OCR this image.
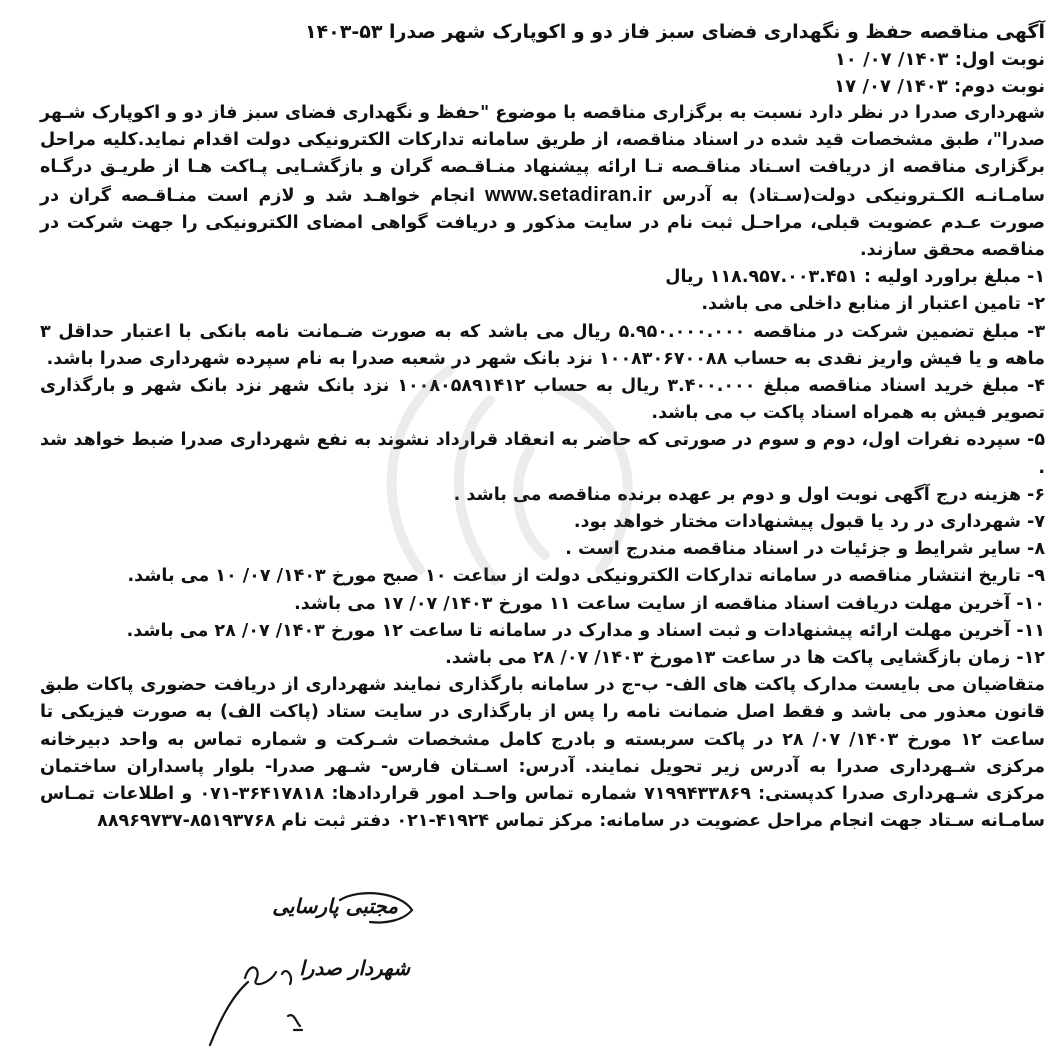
آگهی مناقصه حفظ و نگهداری فضای سبز فاز دو و اکوپارک شهر صدرا ۵۳-۱۴۰۳

نوبت اول: ۱۴۰۳/ ۰۷/ ۱۰

نوبت دوم: ۱۴۰۳/ ۰۷/ ۱۷

شهرداری صدرا در نظر دارد نسبت به برگزاری مناقصه با موضوع "حفظ و نگهداری فضای سبز فاز دو و اکوپارک شـهر صدرا"، طبق مشخصات قید شده در اسناد مناقصه، از طریق سامانه تدارکات الکترونیکی دولت اقدام نماید.کلیه مراحل برگزاری مناقصه از دریافت اسـناد مناقـصه تـا ارائه پیشنهاد منـاقـصه گران و بازگشـایی پـاکت هـا از طریـق درگـاه سامـانـه الکـترونیکی دولت(سـتاد) به آدرس www.setadiran.ir انجام خواهـد شد و لازم است منـاقـصه گران در صورت عـدم عضویت قبلی، مراحـل ثبت نام در سایت مذکور و دریافت گواهی امضای الکترونیکی را جهت شرکت در مناقصه محقق سازند.

۱- مبلغ براورد اولیه : ۱۱۸.۹۵۷.۰۰۳.۴۵۱ ریال

۲- تامین اعتبار از منابع داخلی می باشد.

۳- مبلغ تضمین شرکت در مناقصه ۵.۹۵۰.۰۰۰.۰۰۰ ریال می باشد که به صورت ضـمانت نامه بانکی با اعتبار حداقل ۳ ماهه و یا فیش واریز نقدی به حساب ۱۰۰۸۳۰۶۷۰۰۸۸ نزد بانک شهر در شعبه صدرا به نام سپرده شهرداری صدرا باشد.

۴- مبلغ خرید اسناد مناقصه مبلغ ۳.۴۰۰.۰۰۰ ریال به حساب ۱۰۰۸۰۵۸۹۱۴۱۲ نزد بانک شهر نزد بانک شهر و بارگذاری تصویر فیش به همراه اسناد پاکت ب می باشد.

۵- سپرده نفرات اول، دوم و سوم در صورتی که حاضر به انعقاد قرارداد نشوند به نفع شهرداری صدرا ضبط خواهد شد .

۶- هزینه درج آگهی نوبت اول و دوم بر عهده برنده مناقصه می باشد .

۷- شهرداری در رد یا قبول پیشنهادات مختار خواهد بود.

۸- سایر شرایط و جزئیات در اسناد مناقصه مندرج است .

۹- تاریخ انتشار مناقصه در سامانه تدارکات الکترونیکی دولت از ساعت ۱۰ صبح مورخ ۱۴۰۳/ ۰۷/ ۱۰ می باشد.

۱۰- آخرین مهلت دریافت اسناد مناقصه از سایت ساعت ۱۱ مورخ ۱۴۰۳/ ۰۷/ ۱۷ می باشد.

۱۱- آخرین مهلت ارائه پیشنهادات و ثبت اسناد و مدارک در سامانه تا ساعت ۱۲ مورخ ۱۴۰۳/ ۰۷/ ۲۸ می باشد.

۱۲- زمان بازگشایی پاکت ها در ساعت ۱۳مورخ ۱۴۰۳/ ۰۷/ ۲۸ می باشد.

متقاضیان می بایست مدارک پاکت های الف- ب-ج در سامانه بارگذاری نمایند شهرداری از دریافت حضوری پاکات طبق قانون معذور می باشد و فقط اصل ضمانت نامه را پس از بارگذاری در سایت ستاد (پاکت الف) به صورت فیزیکی تا ساعت ۱۲ مورخ ۱۴۰۳/ ۰۷/ ۲۸ در پاکت سربسته و بادرج کامل مشخصات شـرکت و شماره تماس به واحد دبیرخانه مرکزی شـهرداری صدرا به آدرس زیر تحویل نمایند. آدرس: اسـتان فارس- شـهر صدرا- بلوار پاسداران ساختمان مرکزی شـهرداری صدرا کدپستی: ۷۱۹۹۴۳۳۸۶۹ شماره تماس واحـد امور قراردادها: ۳۶۴۱۷۸۱۸-۰۷۱ و اطلاعات تمـاس سامـانه سـتاد جهت انجام مراحل عضویت در سامانه: مرکز تماس ۴۱۹۲۴-۰۲۱ دفتر ثبت نام ۸۵۱۹۳۷۶۸-۸۸۹۶۹۷۳۷

مجتبی پارسایی
شهردار صدرا
